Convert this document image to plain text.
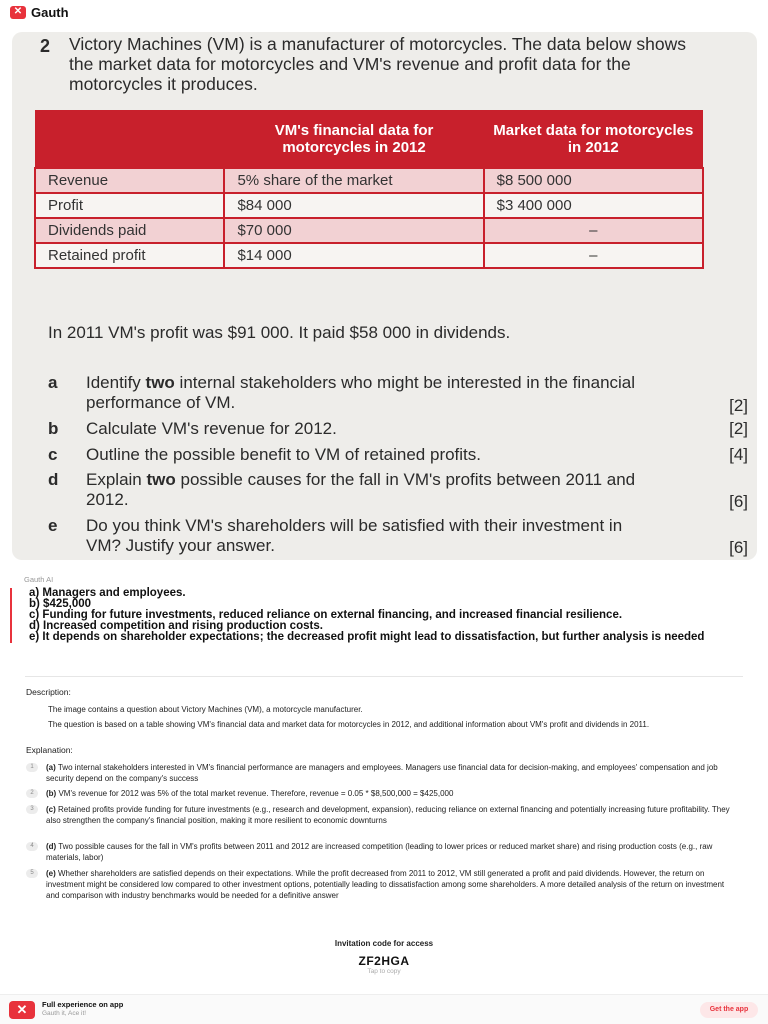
✕ Gauth
2 Victory Machines (VM) is a manufacturer of motorcycles. The data below shows the market data for motorcycles and VM's revenue and profit data for the motorcycles it produces.
	VM's financial data for motorcycles in 2012	Market data for motorcycles in 2012
Revenue	5% share of the market	$8 500 000
Profit	$84 000	$3 400 000
Dividends paid	$70 000	–
Retained profit	$14 000	–
In 2011 VM's profit was $91 000. It paid $58 000 in dividends.
a Identify two internal stakeholders who might be interested in the financial performance of VM.	[2]
b Calculate VM's revenue for 2012.	[2]
c Outline the possible benefit to VM of retained profits.	[4]
d Explain two possible causes for the fall in VM's profits between 2011 and 2012.	[6]
e Do you think VM's shareholders will be satisfied with their investment in VM? Justify your answer.	[6]
Gauth AI
a) Managers and employees.
b) $425,000
c) Funding for future investments, reduced reliance on external financing, and increased financial resilience.
d) Increased competition and rising production costs.
e) It depends on shareholder expectations; the decreased profit might lead to dissatisfaction, but further analysis is needed
Description:
The image contains a question about Victory Machines (VM), a motorcycle manufacturer.
The question is based on a table showing VM's financial data and market data for motorcycles in 2012, and additional information about VM's profit and dividends in 2011.
Explanation:
1	(a) Two internal stakeholders interested in VM's financial performance are managers and employees. Managers use financial data for decision-making, and employees' compensation and job security depend on the company's success
2	(b) VM's revenue for 2012 was 5% of the total market revenue. Therefore, revenue = 0.05 * $8,500,000 = $425,000
3	(c) Retained profits provide funding for future investments (e.g., research and development, expansion), reducing reliance on external financing and potentially increasing future profitability. They also strengthen the company's financial position, making it more resilient to economic downturns
4	(d) Two possible causes for the fall in VM's profits between 2011 and 2012 are increased competition (leading to lower prices or reduced market share) and rising production costs (e.g., raw materials, labor)
5	(e) Whether shareholders are satisfied depends on their expectations. While the profit decreased from 2011 to 2012, VM still generated a profit and paid dividends. However, the return on investment might be considered low compared to other investment options, potentially leading to dissatisfaction among some shareholders. A more detailed analysis of the return on investment and comparison with industry benchmarks would be needed for a definitive answer
Invitation code for access
ZF2HGA
Tap to copy
✕	Full experience on app
Gauth it, Ace it!
Get the app
